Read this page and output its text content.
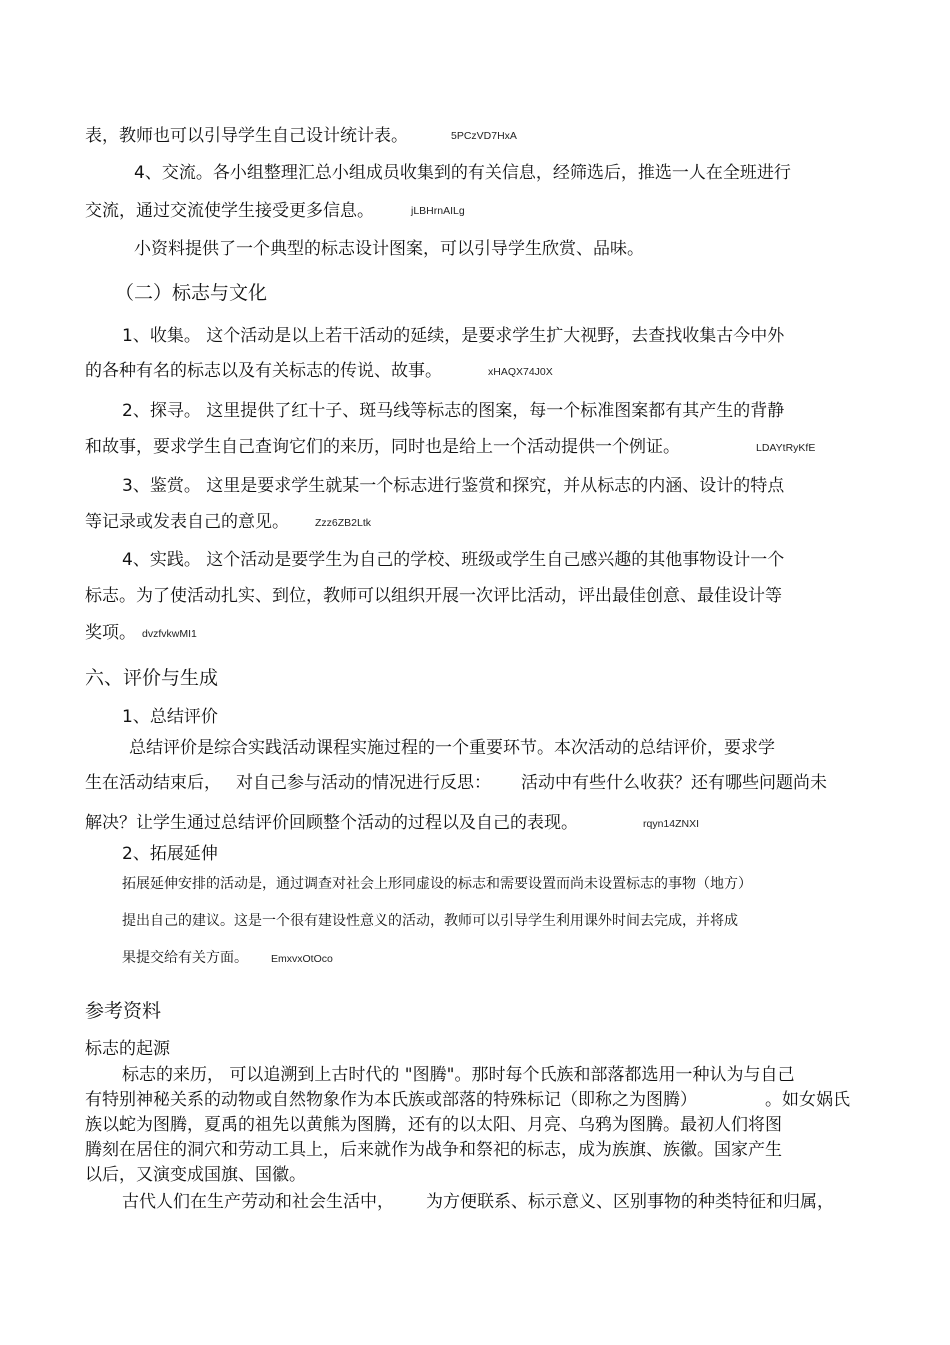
表，教师也可以引导学生自己设计统计表。	5PCzVD7HxA
4、交流。各小组整理汇总小组成员收集到的有关信息，经筛选后，推选一人在全班进行
交流，通过交流使学生接受更多信息。	jLBHrnAILg
小资料提供了一个典型的标志设计图案，可以引导学生欣赏、品味。
（二）标志与文化
1、收集。 这个活动是以上若干活动的延续，是要求学生扩大视野，去查找收集古今中外
的各种有名的标志以及有关标志的传说、故事。	xHAQX74J0X
2、探寻。 这里提供了红十子、斑马线等标志的图案，每一个标准图案都有其产生的背静
和故事，要求学生自己查询它们的来历，同时也是给上一个活动提供一个例证。	LDAYtRyKfE
3、鉴赏。 这里是要求学生就某一个标志进行鉴赏和探究，并从标志的内涵、设计的特点
等记录或发表自己的意见。 Zzz6ZB2Ltk
4、实践。 这个活动是要学生为自己的学校、班级或学生自己感兴趣的其他事物设计一个
标志。为了使活动扎实、到位，教师可以组织开展一次评比活动，评出最佳创意、最佳设计等
奖项。 dvzfvkwMI1
六、评价与生成
1、总结评价
总结评价是综合实践活动课程实施过程的一个重要环节。本次活动的总结评价，要求学
生在活动结束后， 对自己参与活动的情况进行反思： 活动中有些什么收获？还有哪些问题尚未
解决？让学生通过总结评价回顾整个活动的过程以及自己的表现。	rqyn14ZNXI
2、拓展延伸
拓展延伸安排的活动是，通过调查对社会上形同虚设的标志和需要设置而尚未设置标志的事物（地方）
提出自己的建议。这是一个很有建设性意义的活动，教师可以引导学生利用课外时间去完成，并将成
果提交给有关方面。 EmxvxOtOco
参考资料
标志的起源
标志的来历， 可以追溯到上古时代的 "图腾"。那时每个氏族和部落都选用一种认为与自己
有特别神秘关系的动物或自然物象作为本氏族或部落的特殊标记（即称之为图腾）	。如女娲氏
族以蛇为图腾，夏禹的祖先以黄熊为图腾，还有的以太阳、月亮、乌鸦为图腾。最初人们将图
腾刻在居住的洞穴和劳动工具上，后来就作为战争和祭祀的标志，成为族旗、族徽。国家产生
以后，又演变成国旗、国徽。
古代人们在生产劳动和社会生活中， 为方便联系、标示意义、区别事物的种类特征和归属，
